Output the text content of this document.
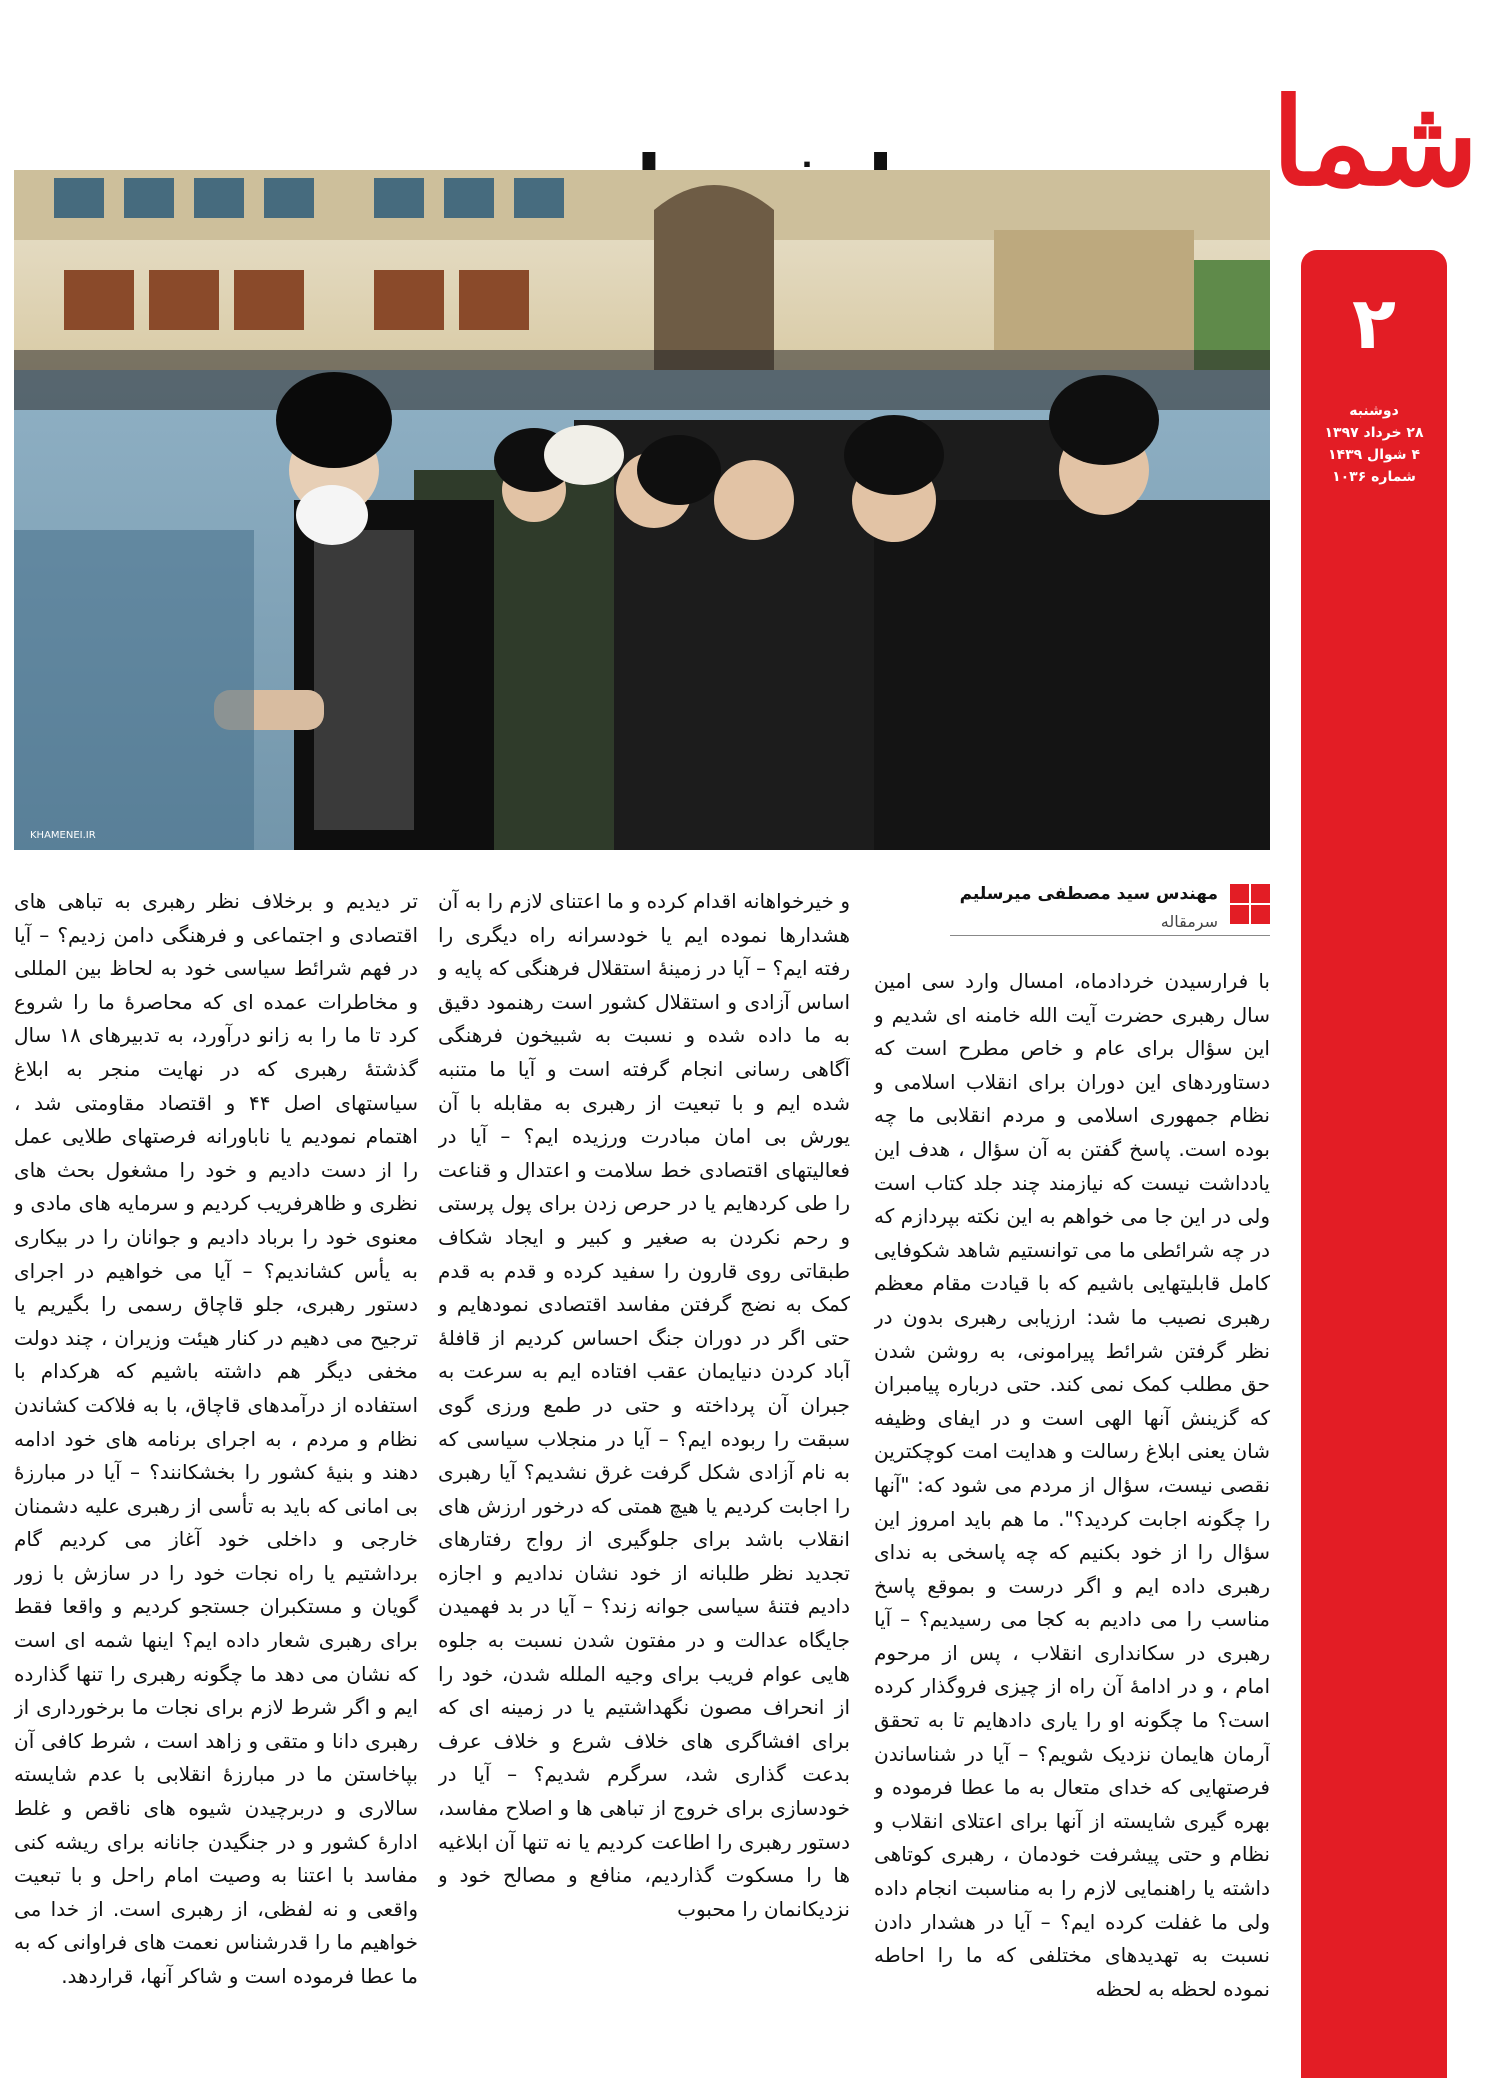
شما
KHAMENEI.IR
۲
دوشنبه
۲۸ خرداد ۱۳۹۷
۴ شوال ۱۴۳۹
شماره ۱۰۳۶
مهندس سید مصطفی میرسلیم
سرمقاله

با فرارسیدن خردادماه، امسال وارد سی امین سال رهبری حضرت آیت الله خامنه ای شدیم و این سؤال برای عام و خاص مطرح است که دستاوردهای این دوران برای انقلاب اسلامی و نظام جمهوری اسلامی و مردم انقلابی ما چه بوده است. پاسخ گفتن به آن سؤال ، هدف این یادداشت نیست که نیازمند چند جلد کتاب است ولی در این جا می خواهم به این نکته بپردازم که در چه شرائطی ما می توانستیم شاهد شکوفایی کامل قابلیتهایی باشیم که با قیادت مقام معظم رهبری نصیب ما شد: ارزیابی رهبری بدون در نظر گرفتن شرائط پیرامونی، به روشن شدن حق مطلب کمک نمی کند. حتی درباره پیامبران که گزینش آنها الهی است و در ایفای وظیفه شان یعنی ابلاغ رسالت و هدایت امت کوچکترین نقصی نیست، سؤال از مردم می شود که: "آنها را چگونه اجابت کردید؟". ما هم باید امروز این سؤال را از خود بکنیم که چه پاسخی به ندای رهبری داده ایم و اگر درست و بموقع پاسخ مناسب را می دادیم به کجا می رسیدیم؟ – آیا رهبری در سکانداری انقلاب ، پس از مرحوم امام ، و در ادامهٔ آن راه از چیزی فروگذار کرده است؟ ما چگونه او را یاری دادهایم تا به تحقق آرمان هایمان نزدیک شویم؟ – آیا در شناساندن فرصتهایی که خدای متعال به ما عطا فرموده و بهره گیری شایسته از آنها برای اعتلای انقلاب و نظام و حتی پیشرفت خودمان ، رهبری کوتاهی داشته یا راهنمایی لازم را به مناسبت انجام داده ولی ما غفلت کرده ایم؟ – آیا در هشدار دادن نسبت به تهدیدهای مختلفی که ما را احاطه نموده لحظه به لحظه

و خیرخواهانه اقدام کرده و ما اعتنای لازم را به آن هشدارها نموده ایم یا خودسرانه راه دیگری را رفته ایم؟ – آیا در زمینهٔ استقلال فرهنگی که پایه و اساس آزادی و استقلال کشور است رهنمود دقیق به ما داده شده و نسبت به شبیخون فرهنگی آگاهی رسانی انجام گرفته است و آیا ما متنبه شده ایم و با تبعیت از رهبری به مقابله با آن یورش بی امان مبادرت ورزیده ایم؟ – آیا در فعالیتهای اقتصادی خط سلامت و اعتدال و قناعت را طی کردهایم یا در حرص زدن برای پول پرستی و رحم نکردن به صغیر و کبیر و ایجاد شکاف طبقاتی روی قارون را سفید کرده و قدم به قدم کمک به نضج گرفتن مفاسد اقتصادی نمودهایم و حتی اگر در دوران جنگ احساس کردیم از قافلهٔ آباد کردن دنیایمان عقب افتاده ایم به سرعت به جبران آن پرداخته و حتی در طمع ورزی گوی سبقت را ربوده ایم؟ – آیا در منجلاب سیاسی که به نام آزادی شکل گرفت غرق نشدیم؟ آیا رهبری را اجابت کردیم یا هیچ همتی که درخور ارزش های انقلاب باشد برای جلوگیری از رواج رفتارهای تجدید نظر طلبانه از خود نشان ندادیم و اجازه دادیم فتنهٔ سیاسی جوانه زند؟ – آیا در بد فهمیدن جایگاه عدالت و در مفتون شدن نسبت به جلوه هایی عوام فریب برای وجیه الملله شدن، خود را از انحراف مصون نگهداشتیم یا در زمینه ای که برای افشاگری های خلاف شرع و خلاف عرف بدعت گذاری شد، سرگرم شدیم؟ – آیا در خودسازی برای خروج از تباهی ها و اصلاح مفاسد، دستور رهبری را اطاعت کردیم یا نه تنها آن ابلاغیه ها را مسکوت گذاردیم، منافع و مصالح خود و نزدیکانمان را محبوب

تر دیدیم و برخلاف نظر رهبری به تباهی های اقتصادی و اجتماعی و فرهنگی دامن زدیم؟ – آیا در فهم شرائط سیاسی خود به لحاظ بین المللی و مخاطرات عمده ای که محاصرهٔ ما را شروع کرد تا ما را به زانو درآورد، به تدبیرهای ۱۸ سال گذشتهٔ رهبری که در نهایت منجر به ابلاغ سیاستهای اصل ۴۴ و اقتصاد مقاومتی شد ، اهتمام نمودیم یا ناباورانه فرصتهای طلایی عمل را از دست دادیم و خود را مشغول بحث های نظری و ظاهرفریب کردیم و سرمایه های مادی و معنوی خود را برباد دادیم و جوانان را در بیکاری به یأس کشاندیم؟ – آیا می خواهیم در اجرای دستور رهبری، جلو قاچاق رسمی را بگیریم یا ترجیح می دهیم در کنار هیئت وزیران ، چند دولت مخفی دیگر هم داشته باشیم که هرکدام با استفاده از درآمدهای قاچاق، با به فلاکت کشاندن نظام و مردم ، به اجرای برنامه های خود ادامه دهند و بنیهٔ کشور را بخشکانند؟ – آیا در مبارزهٔ بی امانی که باید به تأسی از رهبری علیه دشمنان خارجی و داخلی خود آغاز می کردیم گام برداشتیم یا راه نجات خود را در سازش با زور گویان و مستکبران جستجو کردیم و واقعا فقط برای رهبری شعار داده ایم؟ اینها شمه ای است که نشان می دهد ما چگونه رهبری را تنها گذارده ایم و اگر شرط لازم برای نجات ما برخورداری از رهبری دانا و متقی و زاهد است ، شرط کافی آن بپاخاستن ما در مبارزهٔ انقلابی با عدم شایسته سالاری و دربرچیدن شیوه های ناقص و غلط ادارهٔ کشور و در جنگیدن جانانه برای ریشه کنی مفاسد با اعتنا به وصیت امام راحل و با تبعیت واقعی و نه لفظی، از رهبری است. از خدا می خواهیم ما را قدرشناس نعمت های فراوانی که به ما عطا فرموده است و شاکر آنها، قراردهد.
